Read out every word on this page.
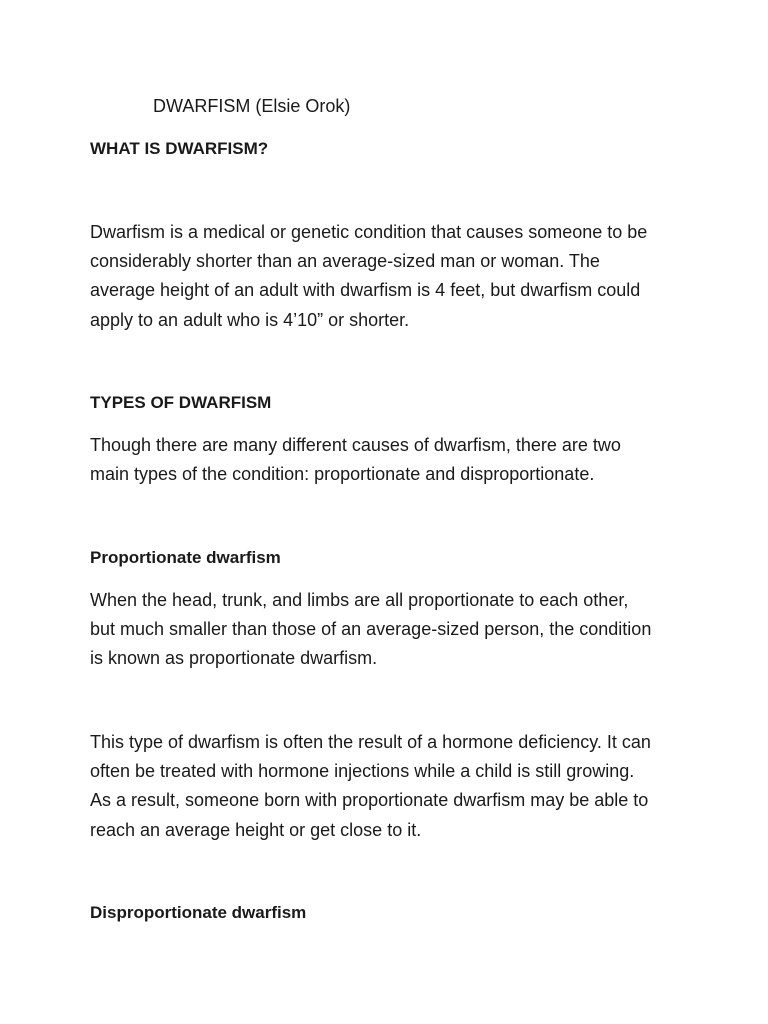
DWARFISM (Elsie Orok)
WHAT IS DWARFISM?
Dwarfism is a medical or genetic condition that causes someone to be
considerably shorter than an average-sized man or woman. The
average height of an adult with dwarfism is 4 feet, but dwarfism could
apply to an adult who is 4’10” or shorter.
TYPES OF DWARFISM
Though there are many different causes of dwarfism, there are two
main types of the condition: proportionate and disproportionate.
Proportionate dwarfism
When the head, trunk, and limbs are all proportionate to each other,
but much smaller than those of an average-sized person, the condition
is known as proportionate dwarfism.
This type of dwarfism is often the result of a hormone deficiency. It can
often be treated with hormone injections while a child is still growing.
As a result, someone born with proportionate dwarfism may be able to
reach an average height or get close to it.
Disproportionate dwarfism
